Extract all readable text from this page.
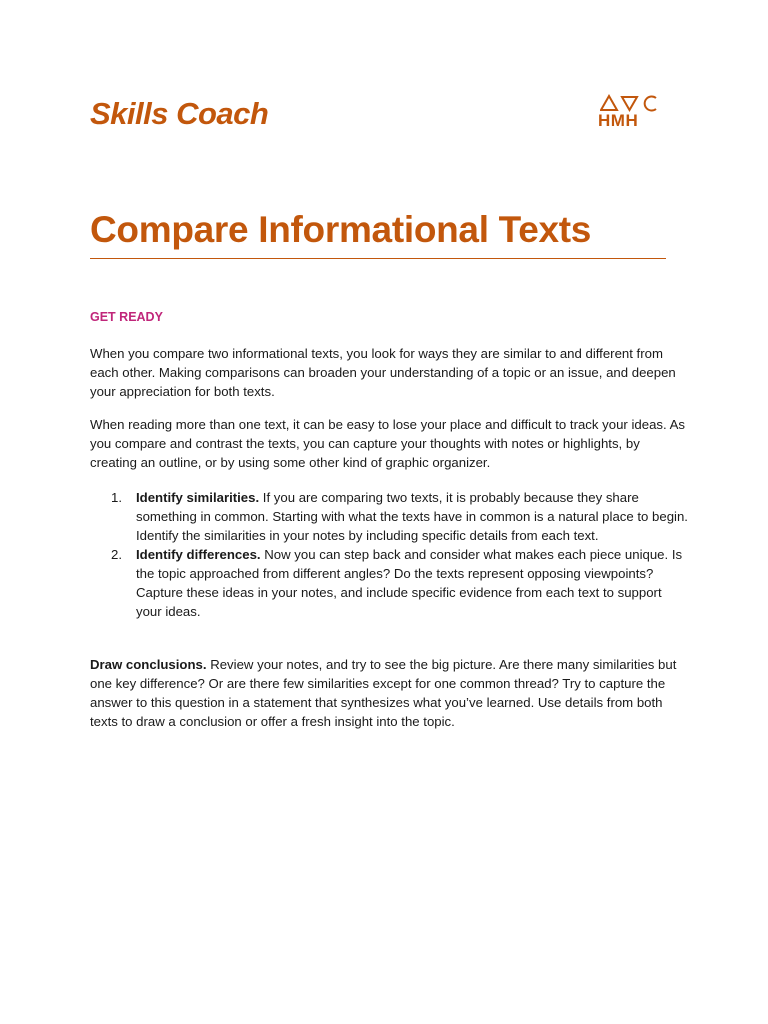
Skills Coach	HMH
Compare Informational Texts
GET READY

When you compare two informational texts, you look for ways they are similar to and different from each other. Making comparisons can broaden your understanding of a topic or an issue, and deepen your appreciation for both texts.

When reading more than one text, it can be easy to lose your place and difficult to track your ideas. As you compare and contrast the texts, you can capture your thoughts with notes or highlights, by creating an outline, or by using some other kind of graphic organizer.

1. Identify similarities. If you are comparing two texts, it is probably because they share something in common. Starting with what the texts have in common is a natural place to begin. Identify the similarities in your notes by including specific details from each text.
2. Identify differences. Now you can step back and consider what makes each piece unique. Is the topic approached from different angles? Do the texts represent opposing viewpoints? Capture these ideas in your notes, and include specific evidence from each text to support your ideas.

Draw conclusions. Review your notes, and try to see the big picture. Are there many similarities but one key difference? Or are there few similarities except for one common thread? Try to capture the answer to this question in a statement that synthesizes what you’ve learned. Use details from both texts to draw a conclusion or offer a fresh insight into the topic.
